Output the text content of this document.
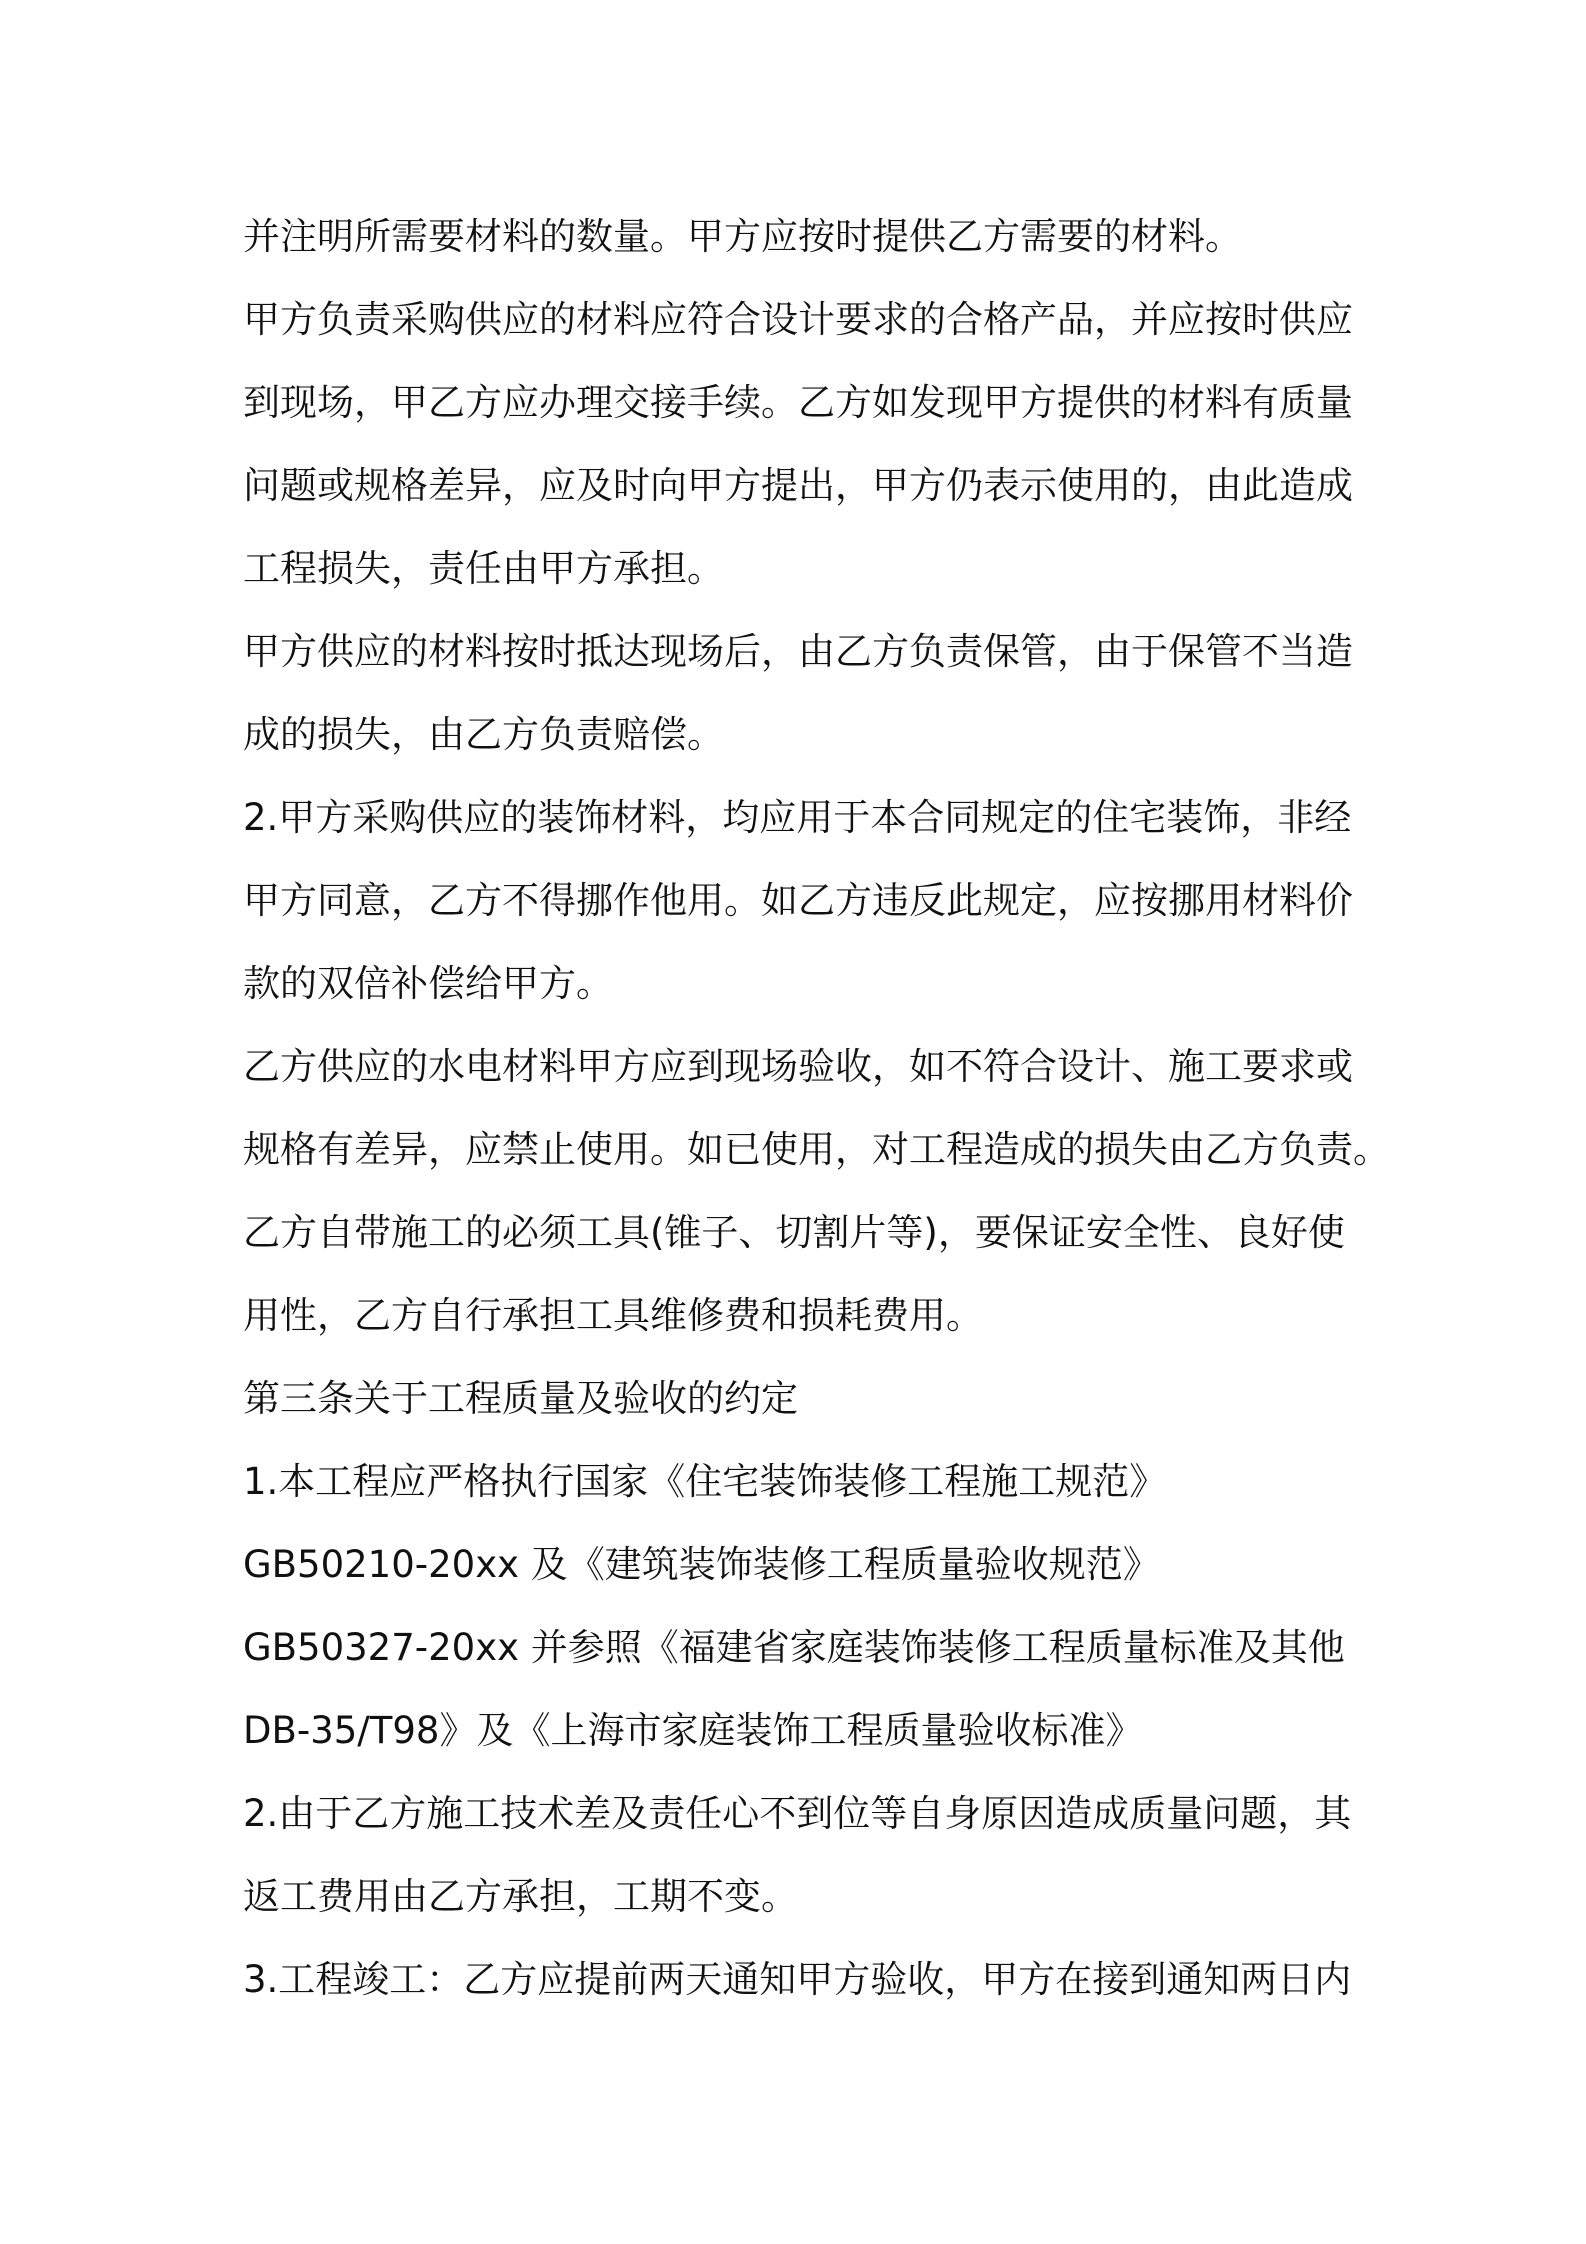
并注明所需要材料的数量。甲方应按时提供乙方需要的材料。
甲方负责采购供应的材料应符合设计要求的合格产品，并应按时供应
到现场，甲乙方应办理交接手续。乙方如发现甲方提供的材料有质量
问题或规格差异，应及时向甲方提出，甲方仍表示使用的，由此造成
工程损失，责任由甲方承担。
甲方供应的材料按时抵达现场后，由乙方负责保管，由于保管不当造
成的损失，由乙方负责赔偿。
2.甲方采购供应的装饰材料，均应用于本合同规定的住宅装饰，非经
甲方同意，乙方不得挪作他用。如乙方违反此规定，应按挪用材料价
款的双倍补偿给甲方。
乙方供应的水电材料甲方应到现场验收，如不符合设计、施工要求或
规格有差异，应禁止使用。如已使用，对工程造成的损失由乙方负责。
乙方自带施工的必须工具(锥子、切割片等)，要保证安全性、良好使
用性，乙方自行承担工具维修费和损耗费用。
第三条关于工程质量及验收的约定
1.本工程应严格执行国家《住宅装饰装修工程施工规范》
GB50210-20xx 及《建筑装饰装修工程质量验收规范》
GB50327-20xx 并参照《福建省家庭装饰装修工程质量标准及其他
DB-35/T98》及《上海市家庭装饰工程质量验收标准》
2.由于乙方施工技术差及责任心不到位等自身原因造成质量问题，其
返工费用由乙方承担，工期不变。
3.工程竣工：乙方应提前两天通知甲方验收，甲方在接到通知两日内
